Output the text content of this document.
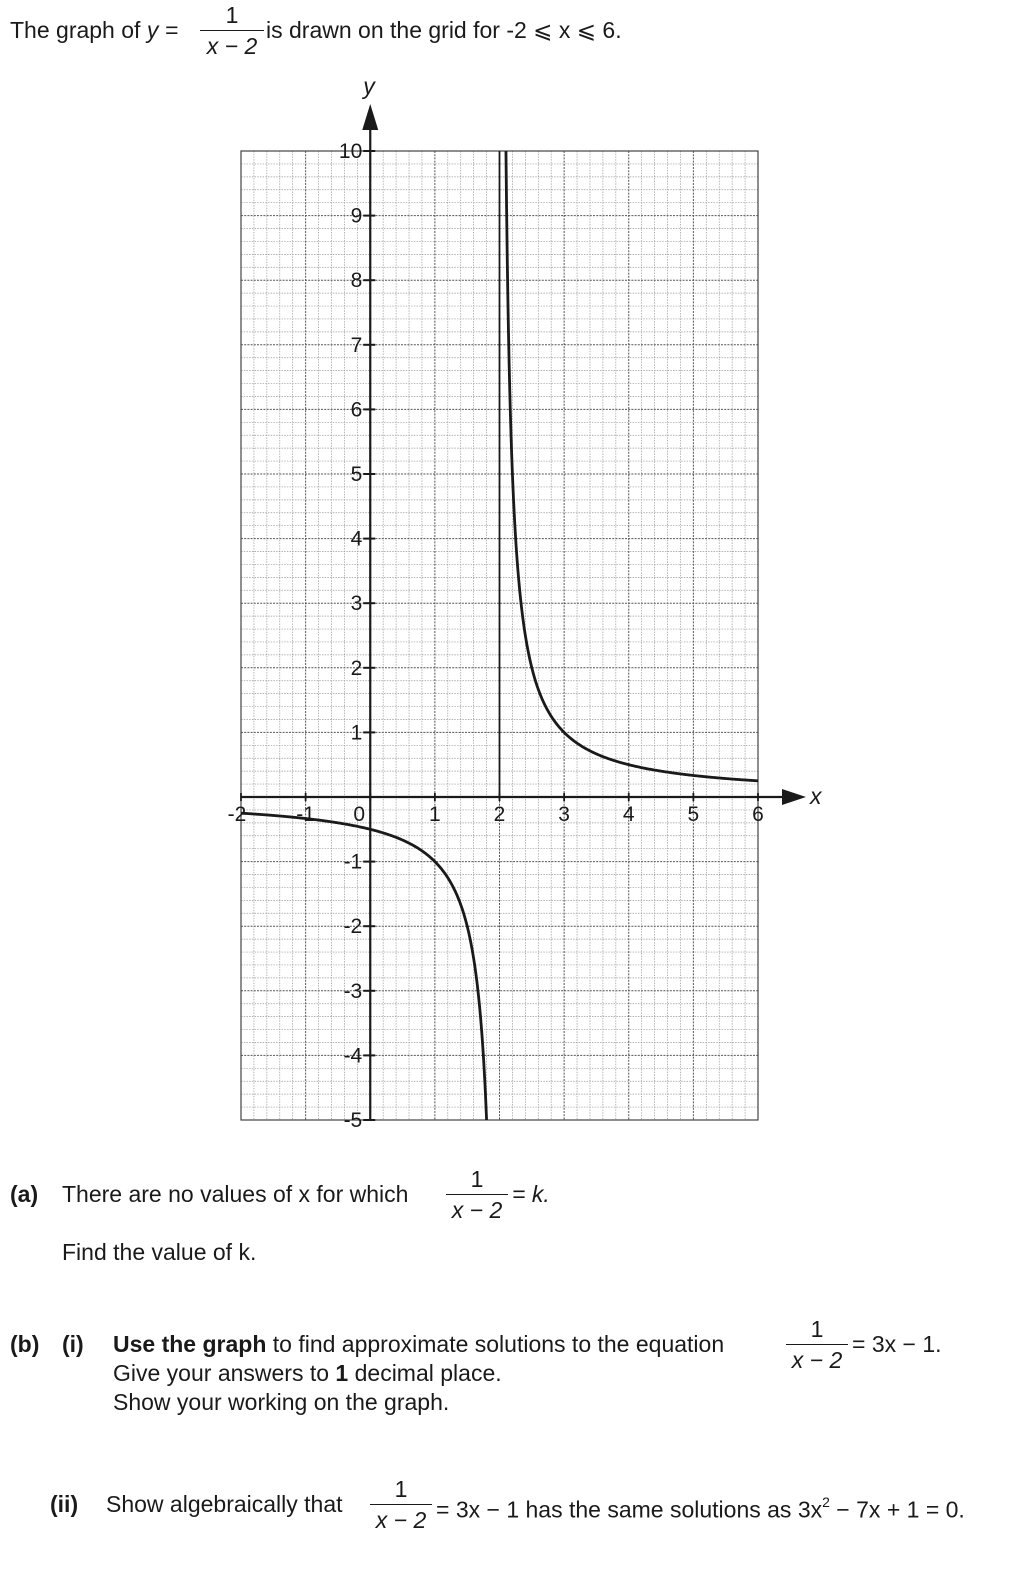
The graph of $y = \frac{1}{x - 2}$ is drawn on the grid for -2 ⩽ x ⩽ 6.
-5
-4
-3
-2
-1
1
2
3
4
5
6
7
8
9
10
-2 -1 0	1	2	3	4	5	6
y
x
(a) There are no values of x for which $\frac{1}{x - 2} = k$.
Find the value of k.
(b) (i) Use the graph to find approximate solutions to the equation	$\frac{1}{x - 2} = 3x - 1$.
Give your answers to 1 decimal place.
Show your working on the graph.
(ii) Show algebraically that $\frac{1}{x - 2} = 3x - 1$ has the same solutions as $3x^2 - 7x + 1 = 0$.
